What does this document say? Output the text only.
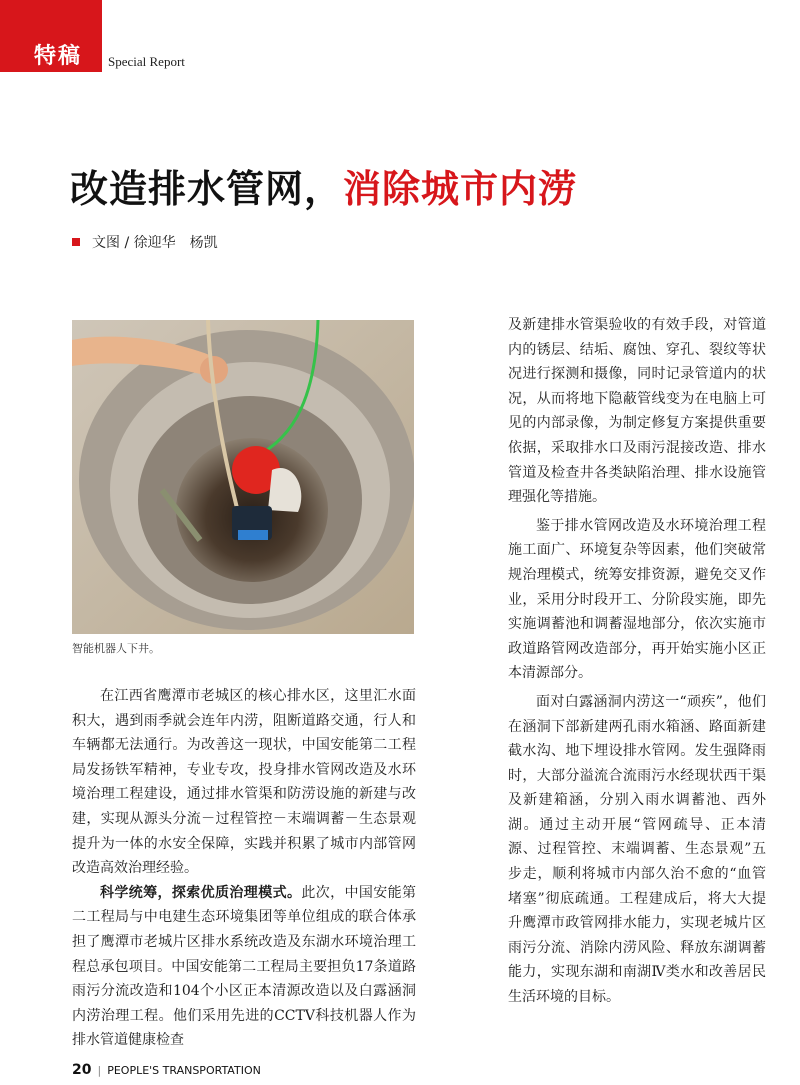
特稿 Special Report
改造排水管网，消除城市内涝
文图 / 徐迎华　杨凯
智能机器人下井。

在江西省鹰潭市老城区的核心排水区，这里汇水面积大，遇到雨季就会连年内涝，阻断道路交通，行人和车辆都无法通行。为改善这一现状，中国安能第二工程局发扬铁军精神，专业专攻，投身排水管网改造及水环境治理工程建设，通过排水管渠和防涝设施的新建与改建，实现从源头分流－过程管控－末端调蓄－生态景观提升为一体的水安全保障，实践并积累了城市内部管网改造高效治理经验。

科学统筹，探索优质治理模式。此次，中国安能第二工程局与中电建生态环境集团等单位组成的联合体承担了鹰潭市老城片区排水系统改造及东湖水环境治理工程总承包项目。中国安能第二工程局主要担负17条道路雨污分流改造和104个小区正本清源改造以及白露涵洞内涝治理工程。他们采用先进的CCTV科技机器人作为排水管道健康检查

及新建排水管渠验收的有效手段，对管道内的锈层、结垢、腐蚀、穿孔、裂纹等状况进行探测和摄像，同时记录管道内的状况，从而将地下隐蔽管线变为在电脑上可见的内部录像，为制定修复方案提供重要依据，采取排水口及雨污混接改造、排水管道及检查井各类缺陷治理、排水设施管理强化等措施。

鉴于排水管网改造及水环境治理工程施工面广、环境复杂等因素，他们突破常规治理模式，统筹安排资源，避免交叉作业，采用分时段开工、分阶段实施，即先实施调蓄池和调蓄湿地部分，依次实施市政道路管网改造部分，再开始实施小区正本清源部分。

面对白露涵洞内涝这一“顽疾”，他们在涵洞下部新建两孔雨水箱涵、路面新建截水沟、地下埋设排水管网。发生强降雨时，大部分溢流合流雨污水经现状西干渠及新建箱涵，分别入雨水调蓄池、西外湖。通过主动开展“管网疏导、正本清源、过程管控、末端调蓄、生态景观”五步走，顺利将城市内部久治不愈的“血管堵塞”彻底疏通。工程建成后，将大大提升鹰潭市政管网排水能力，实现老城片区雨污分流、消除内涝风险、释放东湖调蓄能力，实现东湖和南湖Ⅳ类水和改善居民生活环境的目标。

20 | PEOPLE'S TRANSPORTATION
